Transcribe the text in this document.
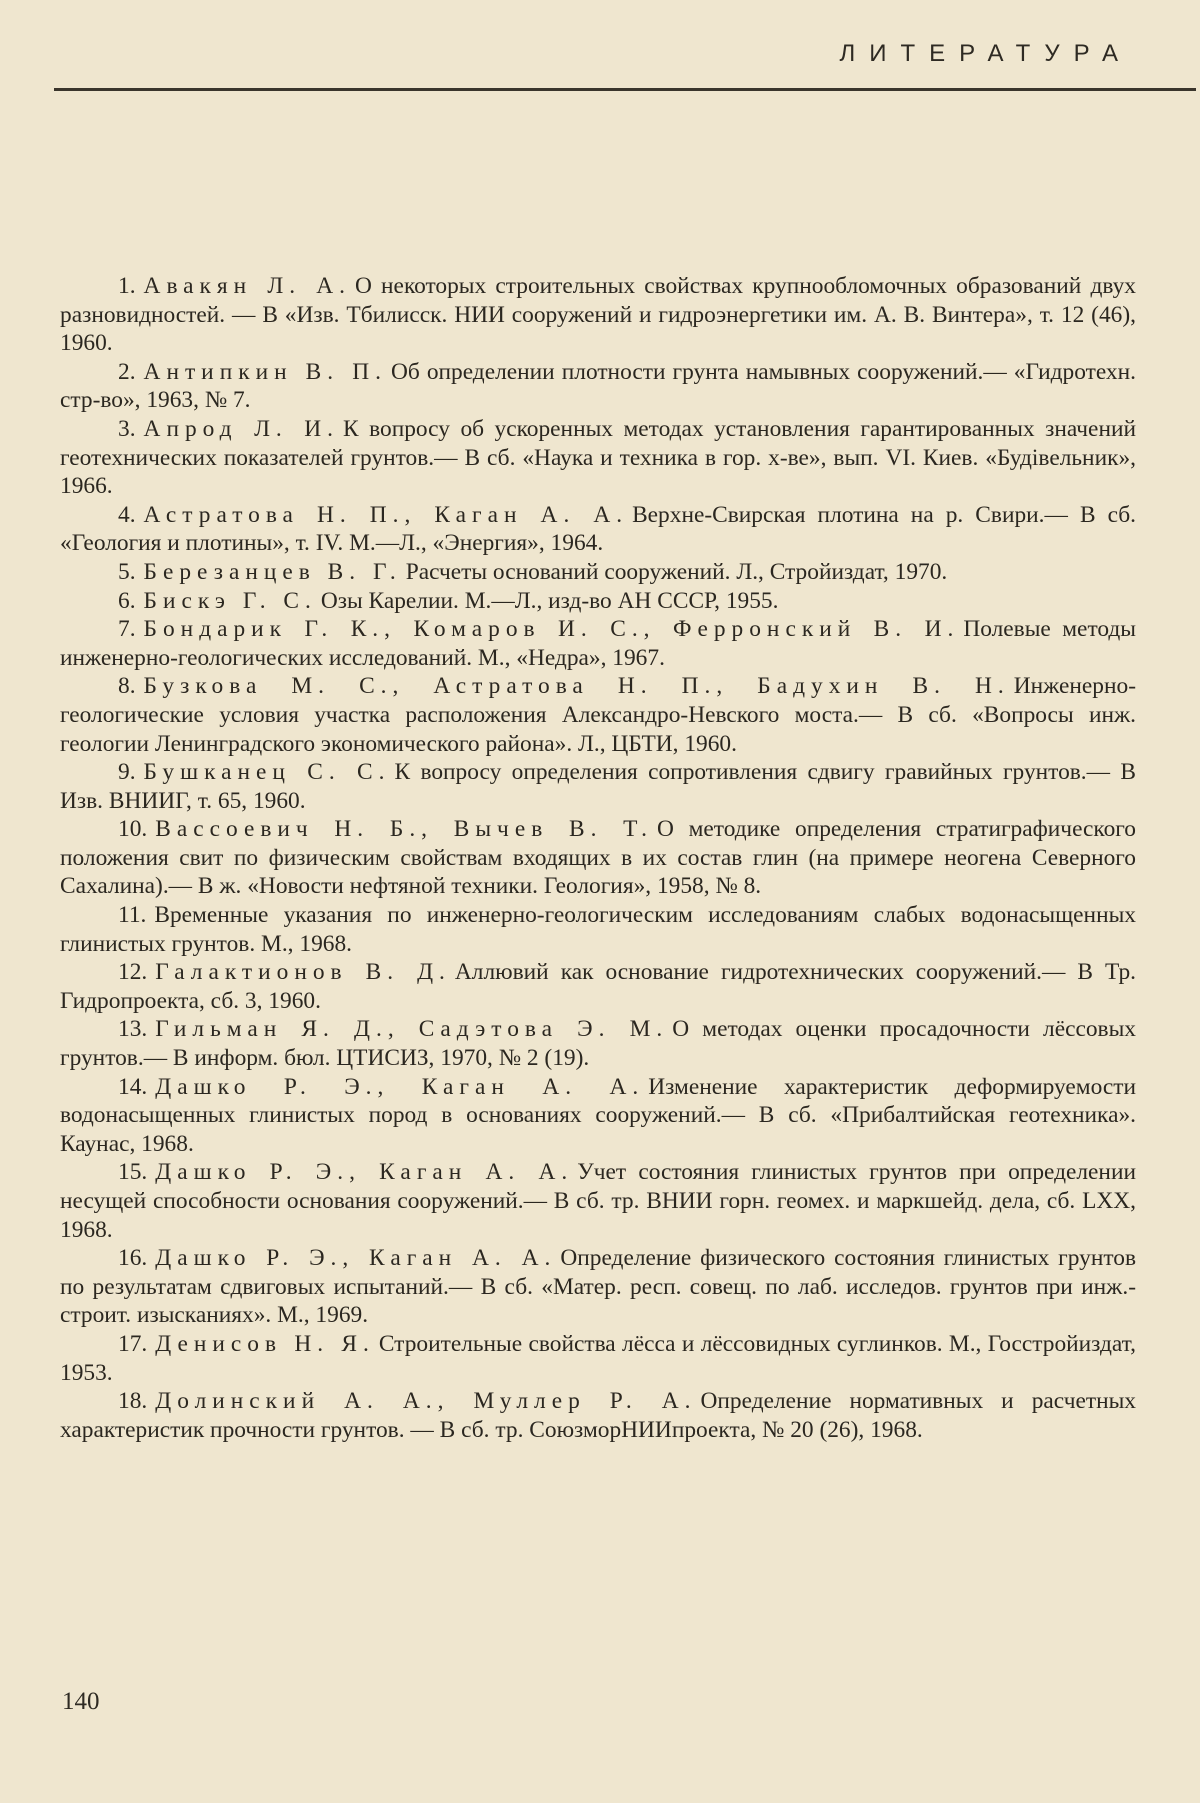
ЛИТЕРАТУРА
1. Авакян Л. А. О некоторых строительных свойствах крупнообломочных образований двух разновидностей. — В «Изв. Тбилисск. НИИ сооружений и гидроэнергетики им. А. В. Винтера», т. 12 (46), 1960.
2. Антипкин В. П. Об определении плотности грунта намывных сооружений.— «Гидротехн. стр-во», 1963, № 7.
3. Апрод Л. И. К вопросу об ускоренных методах установления гарантированных значений геотехнических показателей грунтов.— В сб. «Наука и техника в гор. х-ве», вып. VI. Киев. «Будiвельник», 1966.
4. Астратова Н. П., Каган А. А. Верхне-Свирская плотина на р. Свири.— В сб. «Геология и плотины», т. IV. М.—Л., «Энергия», 1964.
5. Березанцев В. Г. Расчеты оснований сооружений. Л., Стройиздат, 1970.
6. Бискэ Г. С. Озы Карелии. М.—Л., изд-во АН СССР, 1955.
7. Бондарик Г. К., Комаров И. С., Ферронский В. И. Полевые методы инженерно-геологических исследований. М., «Недра», 1967.
8. Бузкова М. С., Астратова Н. П., Бадухин В. Н. Инженерно-геологические условия участка расположения Александро-Невского моста.— В сб. «Вопросы инж. геологии Ленинградского экономического района». Л., ЦБТИ, 1960.
9. Бушканец С. С. К вопросу определения сопротивления сдвигу гравийных грунтов.— В Изв. ВНИИГ, т. 65, 1960.
10. Вассоевич Н. Б., Вычев В. Т. О методике определения стратиграфического положения свит по физическим свойствам входящих в их состав глин (на примере неогена Северного Сахалина).— В ж. «Новости нефтяной техники. Геология», 1958, № 8.
11. Временные указания по инженерно-геологическим исследованиям слабых водонасыщенных глинистых грунтов. М., 1968.
12. Галактионов В. Д. Аллювий как основание гидротехнических сооружений.— В Тр. Гидропроекта, сб. 3, 1960.
13. Гильман Я. Д., Садэтова Э. М. О методах оценки просадочности лёссовых грунтов.— В информ. бюл. ЦТИСИЗ, 1970, № 2 (19).
14. Дашко Р. Э., Каган А. А. Изменение характеристик деформируемости водонасыщенных глинистых пород в основаниях сооружений.— В сб. «Прибалтийская геотехника». Каунас, 1968.
15. Дашко Р. Э., Каган А. А. Учет состояния глинистых грунтов при определении несущей способности основания сооружений.— В сб. тр. ВНИИ горн. геомех. и маркшейд. дела, сб. LXX, 1968.
16. Дашко Р. Э., Каган А. А. Определение физического состояния глинистых грунтов по результатам сдвиговых испытаний.— В сб. «Матер. респ. совещ. по лаб. исследов. грунтов при инж.-строит. изысканиях». М., 1969.
17. Денисов Н. Я. Строительные свойства лёсса и лёссовидных суглинков. М., Госстройиздат, 1953.
18. Долинский А. А., Муллер Р. А. Определение нормативных и расчетных характеристик прочности грунтов. — В сб. тр. СоюзморНИИпроекта, № 20 (26), 1968.
140
